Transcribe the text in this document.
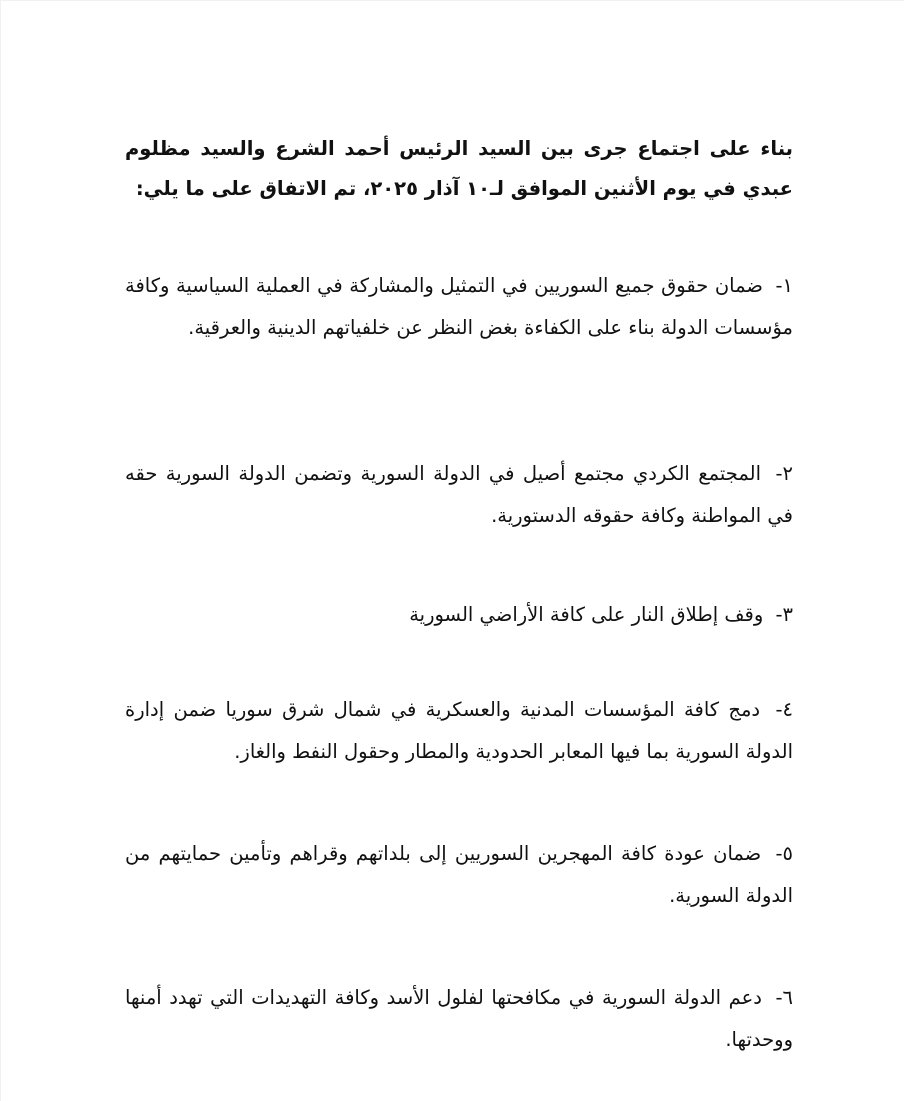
بناء على اجتماع جرى بين السيد الرئيس أحمد الشرع والسيد مظلوم عبدي في يوم الأثنين الموافق لـ١٠ آذار ٢٠٢٥، تم الاتفاق على ما يلي:

١- ضمان حقوق جميع السوريين في التمثيل والمشاركة في العملية السياسية وكافة مؤسسات الدولة بناء على الكفاءة بغض النظر عن خلفياتهم الدينية والعرقية.

٢- المجتمع الكردي مجتمع أصيل في الدولة السورية وتضمن الدولة السورية حقه في المواطنة وكافة حقوقه الدستورية.

٣- وقف إطلاق النار على كافة الأراضي السورية

٤- دمج كافة المؤسسات المدنية والعسكرية في شمال شرق سوريا ضمن إدارة الدولة السورية بما فيها المعابر الحدودية والمطار وحقول النفط والغاز.

٥- ضمان عودة كافة المهجرين السوريين إلى بلداتهم وقراهم وتأمين حمايتهم من الدولة السورية.

٦- دعم الدولة السورية في مكافحتها لفلول الأسد وكافة التهديدات التي تهدد أمنها ووحدتها.
